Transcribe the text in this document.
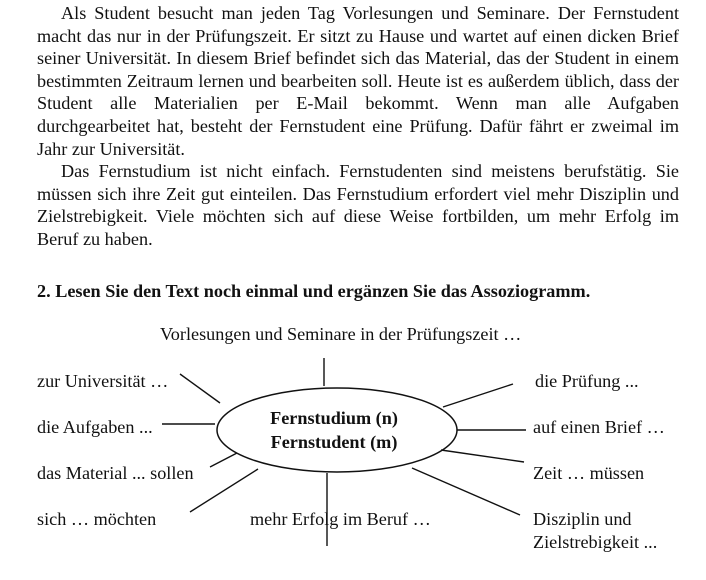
Als Student besucht man jeden Tag Vorlesungen und Seminare. Der Fernstudent macht das nur in der Prüfungszeit. Er sitzt zu Hause und wartet auf einen dicken Brief seiner Universität. In diesem Brief befindet sich das Material, das der Student in einem bestimmten Zeitraum lernen und bearbeiten soll. Heute ist es außerdem üblich, dass der Student alle Materialien per E-Mail bekommt. Wenn man alle Aufgaben durchgearbeitet hat, besteht der Fernstudent eine Prüfung. Dafür fährt er zweimal im Jahr zur Universität.

Das Fernstudium ist nicht einfach. Fernstudenten sind meistens berufstätig. Sie müssen sich ihre Zeit gut einteilen. Das Fernstudium erfordert viel mehr Disziplin und Zielstrebigkeit. Viele möchten sich auf diese Weise fortbilden, um mehr Erfolg im Beruf zu haben.

2. Lesen Sie den Text noch einmal und ergänzen Sie das Assoziogramm.

Fernstudium (n)
Fernstudent (m)
Vorlesungen und Seminare in der Prüfungszeit …
zur Universität …
die Aufgaben ...
das Material ... sollen
sich … möchten	mehr Erfolg im Beruf …
die Prüfung ...
auf einen Brief …
Zeit … müssen
Disziplin und
Zielstrebigkeit ...
